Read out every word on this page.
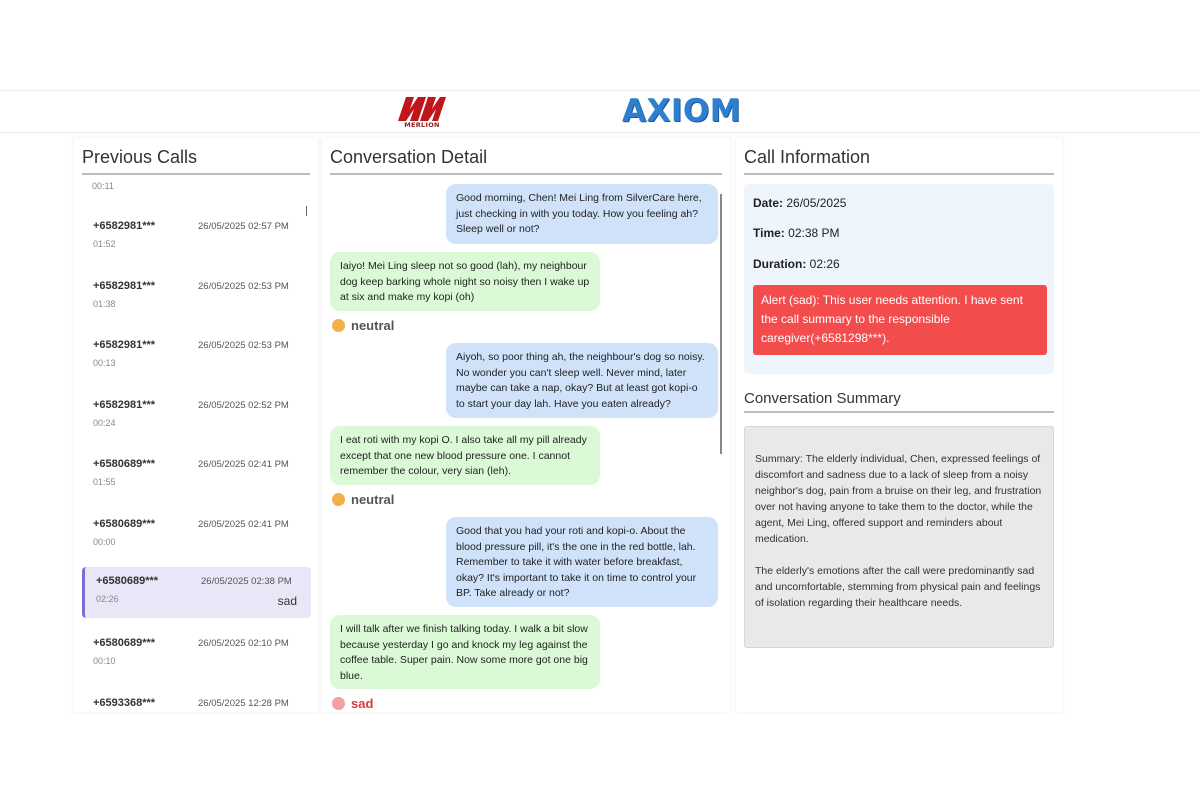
MERLION	AXIOM
Previous Calls
00:11
+6582981***	26/05/2025 02:57 PM
01:52
+6582981***	26/05/2025 02:53 PM
01:38
+6582981***	26/05/2025 02:53 PM
00:13
+6582981***	26/05/2025 02:52 PM
00:24
+6580689***	26/05/2025 02:41 PM
01:55
+6580689***	26/05/2025 02:41 PM
00:00
+6580689***	26/05/2025 02:38 PM
02:26	sad
+6580689***	26/05/2025 02:10 PM
00:10
+6593368***	26/05/2025 12:28 PM
Conversation Detail
Good morning, Chen! Mei Ling from SilverCare here, just checking in with you today. How you feeling ah? Sleep well or not?
Iaiyo! Mei Ling sleep not so good (lah), my neighbour dog keep barking whole night so noisy then I wake up at six and make my kopi (oh)
neutral
Aiyoh, so poor thing ah, the neighbour's dog so noisy. No wonder you can't sleep well. Never mind, later maybe can take a nap, okay? But at least got kopi-o to start your day lah. Have you eaten already?
I eat roti with my kopi O. I also take all my pill already except that one new blood pressure one. I cannot remember the colour, very sian (leh).
neutral
Good that you had your roti and kopi-o. About the blood pressure pill, it's the one in the red bottle, lah. Remember to take it with water before breakfast, okay? It's important to take it on time to control your BP. Take already or not?
I will talk after we finish talking today. I walk a bit slow because yesterday I go and knock my leg against the coffee table. Super pain. Now some more got one big blue.
sad
Call Information
Date: 26/05/2025
Time: 02:38 PM
Duration: 02:26
Alert (sad): This user needs attention. I have sent the call summary to the responsible caregiver(+6581298***).
Conversation Summary

Summary: The elderly individual, Chen, expressed feelings of discomfort and sadness due to a lack of sleep from a noisy neighbor's dog, pain from a bruise on their leg, and frustration over not having anyone to take them to the doctor, while the agent, Mei Ling, offered support and reminders about medication.

The elderly's emotions after the call were predominantly sad and uncomfortable, stemming from physical pain and feelings of isolation regarding their healthcare needs.
